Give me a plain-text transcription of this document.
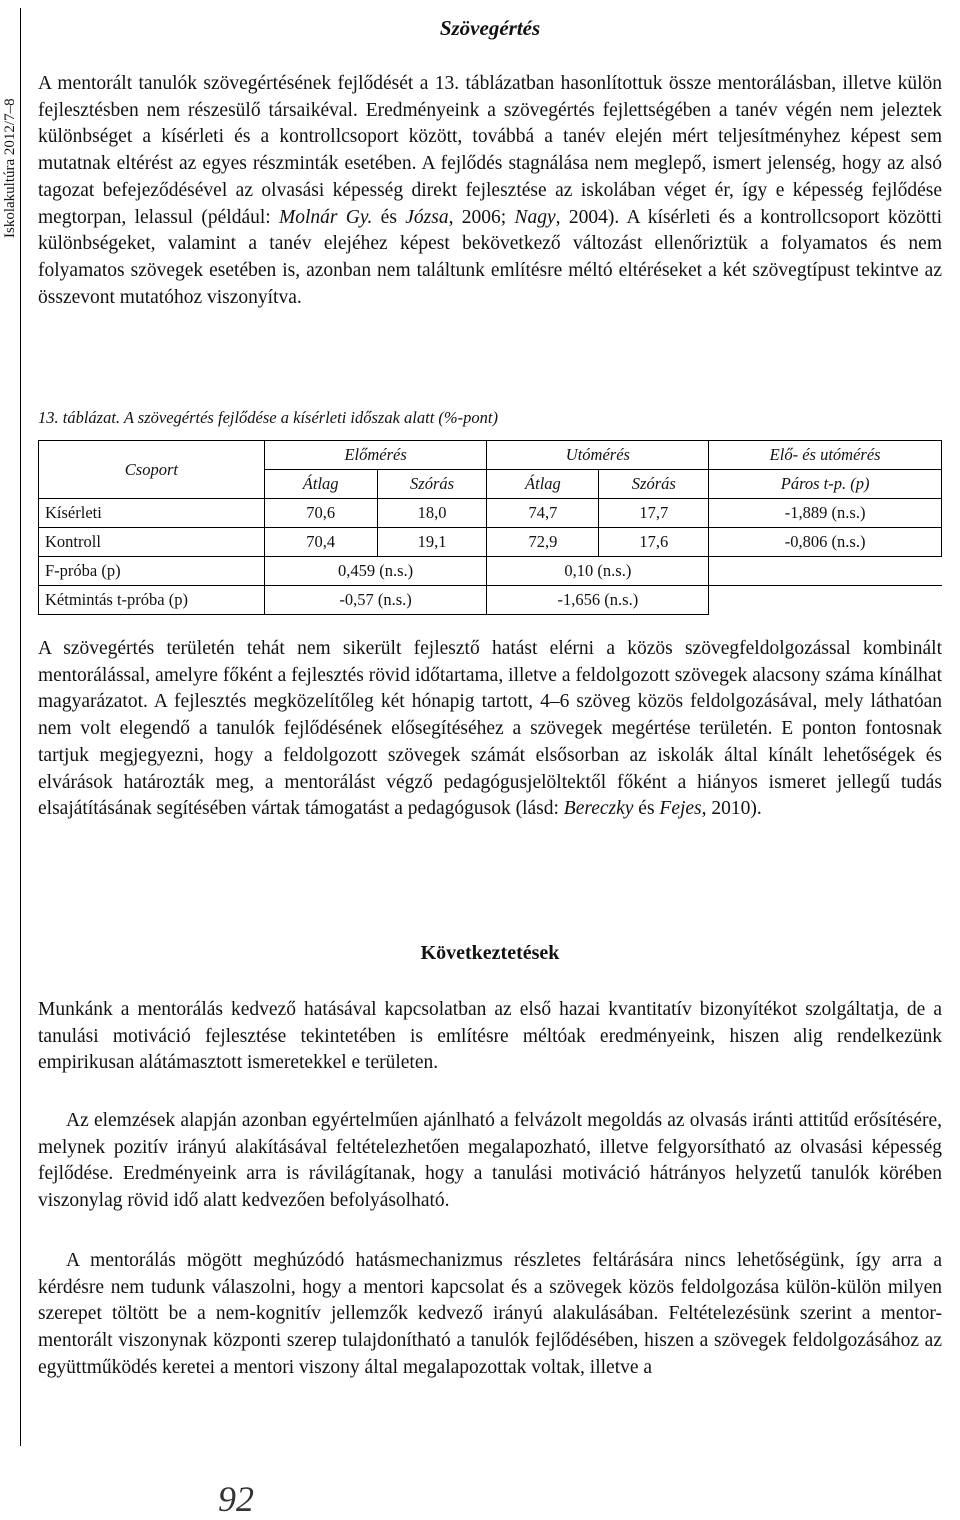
Iskolakultúra 2012/7–8
Szövegértés

A mentorált tanulók szövegértésének fejlődését a 13. táblázatban hasonlítottuk össze mentorálásban, illetve külön fejlesztésben nem részesülő társaikéval. Eredményeink a szövegértés fejlettségében a tanév végén nem jeleztek különbséget a kísérleti és a kontrollcsoport között, továbbá a tanév elején mért teljesítményhez képest sem mutatnak eltérést az egyes részminták esetében. A fejlődés stagnálása nem meglepő, ismert jelenség, hogy az alsó tagozat befejeződésével az olvasási képesség direkt fejlesztése az iskolában véget ér, így e képesség fejlődése megtorpan, lelassul (például: Molnár Gy. és Józsa, 2006; Nagy, 2004). A kísérleti és a kontrollcsoport közötti különbségeket, valamint a tanév elejéhez képest bekövetkező változást ellenőriztük a folyamatos és nem folyamatos szövegek esetében is, azonban nem találtunk említésre méltó eltéréseket a két szövegtípust tekintve az összevont mutatóhoz viszonyítva.

13. táblázat. A szövegértés fejlődése a kísérleti időszak alatt (%-pont)
Csoport	Előmérés		Utómérés		Elő- és utómérés
	Átlag	Szórás	Átlag	Szórás	Páros t-p. (p)
Kísérleti	70,6	18,0	74,7	17,7	-1,889 (n.s.)
Kontroll	70,4	19,1	72,9	17,6	-0,806 (n.s.)
F-próba (p)	0,459 (n.s.)		0,10 (n.s.)		
Kétmintás t-próba (p)	-0,57 (n.s.)		-1,656 (n.s.)		

A szövegértés területén tehát nem sikerült fejlesztő hatást elérni a közös szövegfeldolgozással kombinált mentorálással, amelyre főként a fejlesztés rövid időtartama, illetve a feldolgozott szövegek alacsony száma kínálhat magyarázatot. A fejlesztés megközelítőleg két hónapig tartott, 4–6 szöveg közös feldolgozásával, mely láthatóan nem volt elegendő a tanulók fejlődésének elősegítéséhez a szövegek megértése területén. E ponton fontosnak tartjuk megjegyezni, hogy a feldolgozott szövegek számát elsősorban az iskolák által kínált lehetőségek és elvárások határozták meg, a mentorálást végző pedagógusjelöltektől főként a hiányos ismeret jellegű tudás elsajátításának segítésében vártak támogatást a pedagógusok (lásd: Bereczky és Fejes, 2010).

Következtetések

Munkánk a mentorálás kedvező hatásával kapcsolatban az első hazai kvantitatív bizonyítékot szolgáltatja, de a tanulási motiváció fejlesztése tekintetében is említésre méltóak eredményeink, hiszen alig rendelkezünk empirikusan alátámasztott ismeretekkel e területen.

Az elemzések alapján azonban egyértelműen ajánlható a felvázolt megoldás az olvasás iránti attitűd erősítésére, melynek pozitív irányú alakításával feltételezhetően megalapozható, illetve felgyorsítható az olvasási képesség fejlődése. Eredményeink arra is rávilágítanak, hogy a tanulási motiváció hátrányos helyzetű tanulók körében viszonylag rövid idő alatt kedvezően befolyásolható.

A mentorálás mögött meghúzódó hatásmechanizmus részletes feltárására nincs lehetőségünk, így arra a kérdésre nem tudunk válaszolni, hogy a mentori kapcsolat és a szövegek közös feldolgozása külön-külön milyen szerepet töltött be a nem-kognitív jellemzők kedvező irányú alakulásában. Feltételezésünk szerint a mentor-mentorált viszonynak központi szerep tulajdonítható a tanulók fejlődésében, hiszen a szövegek feldolgozásához az együttműködés keretei a mentori viszony által megalapozottak voltak, illetve a

92
